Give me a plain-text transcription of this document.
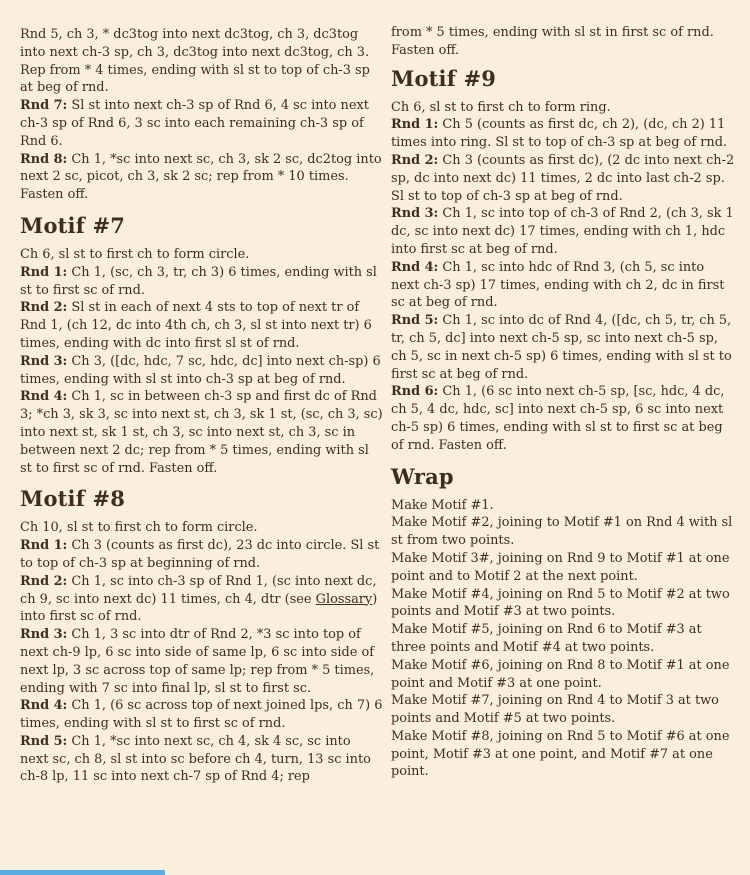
Rnd 5, ch 3, * dc3tog into next dc3tog, ch 3, dc3tog into next ch-3 sp, ch 3, dc3tog into next dc3tog, ch 3. Rep from * 4 times, ending with sl st to top of ch-3 sp at beg of rnd.

Rnd 7: Sl st into next ch-3 sp of Rnd 6, 4 sc into next ch-3 sp of Rnd 6, 3 sc into each remaining ch-3 sp of Rnd 6.

Rnd 8: Ch 1, *sc into next sc, ch 3, sk 2 sc, dc2tog into next 2 sc, picot, ch 3, sk 2 sc; rep from * 10 times. Fasten off.

Motif #7

Ch 6, sl st to first ch to form circle.

Rnd 1: Ch 1, (sc, ch 3, tr, ch 3) 6 times, ending with sl st to first sc of rnd.

Rnd 2: Sl st in each of next 4 sts to top of next tr of Rnd 1, (ch 12, dc into 4th ch, ch 3, sl st into next tr) 6 times, ending with dc into first sl st of rnd.

Rnd 3: Ch 3, ([dc, hdc, 7 sc, hdc, dc] into next ch-sp) 6 times, ending with sl st into ch-3 sp at beg of rnd.

Rnd 4: Ch 1, sc in between ch-3 sp and first dc of Rnd 3; *ch 3, sk 3, sc into next st, ch 3, sk 1 st, (sc, ch 3, sc) into next st, sk 1 st, ch 3, sc into next st, ch 3, sc in between next 2 dc; rep from * 5 times, ending with sl st to first sc of rnd. Fasten off.

Motif #8

Ch 10, sl st to first ch to form circle.

Rnd 1: Ch 3 (counts as first dc), 23 dc into circle. Sl st to top of ch-3 sp at beginning of rnd.

Rnd 2: Ch 1, sc into ch-3 sp of Rnd 1, (sc into next dc, ch 9, sc into next dc) 11 times, ch 4, dtr (see Glossary) into first sc of rnd.

Rnd 3: Ch 1, 3 sc into dtr of Rnd 2, *3 sc into top of next ch-9 lp, 6 sc into side of same lp, 6 sc into side of next lp, 3 sc across top of same lp; rep from * 5 times, ending with 7 sc into final lp, sl st to first sc.

Rnd 4: Ch 1, (6 sc across top of next joined lps, ch 7) 6 times, ending with sl st to first sc of rnd.

Rnd 5: Ch 1, *sc into next sc, ch 4, sk 4 sc, sc into next sc, ch 8, sl st into sc before ch 4, turn, 13 sc into ch-8 lp, 11 sc into next ch-7 sp of Rnd 4; rep

from * 5 times, ending with sl st in first sc of rnd. Fasten off.

Motif #9

Ch 6, sl st to first ch to form ring.

Rnd 1: Ch 5 (counts as first dc, ch 2), (dc, ch 2) 11 times into ring. Sl st to top of ch-3 sp at beg of rnd.

Rnd 2: Ch 3 (counts as first dc), (2 dc into next ch-2 sp, dc into next dc) 11 times, 2 dc into last ch-2 sp. Sl st to top of ch-3 sp at beg of rnd.

Rnd 3: Ch 1, sc into top of ch-3 of Rnd 2, (ch 3, sk 1 dc, sc into next dc) 17 times, ending with ch 1, hdc into first sc at beg of rnd.

Rnd 4: Ch 1, sc into hdc of Rnd 3, (ch 5, sc into next ch-3 sp) 17 times, ending with ch 2, dc in first sc at beg of rnd.

Rnd 5: Ch 1, sc into dc of Rnd 4, ([dc, ch 5, tr, ch 5, tr, ch 5, dc] into next ch-5 sp, sc into next ch-5 sp, ch 5, sc in next ch-5 sp) 6 times, ending with sl st to first sc at beg of rnd.

Rnd 6: Ch 1, (6 sc into next ch-5 sp, [sc, hdc, 4 dc, ch 5, 4 dc, hdc, sc] into next ch-5 sp, 6 sc into next ch-5 sp) 6 times, ending with sl st to first sc at beg of rnd. Fasten off.

Wrap

Make Motif #1.

Make Motif #2, joining to Motif #1 on Rnd 4 with sl st from two points.

Make Motif 3#, joining on Rnd 9 to Motif #1 at one point and to Motif 2 at the next point.

Make Motif #4, joining on Rnd 5 to Motif #2 at two points and Motif #3 at two points.

Make Motif #5, joining on Rnd 6 to Motif #3 at three points and Motif #4 at two points.

Make Motif #6, joining on Rnd 8 to Motif #1 at one point and Motif #3 at one point.

Make Motif #7, joining on Rnd 4 to Motif 3 at two points and Motif #5 at two points.

Make Motif #8, joining on Rnd 5 to Motif #6 at one point, Motif #3 at one point, and Motif #7 at one point.
